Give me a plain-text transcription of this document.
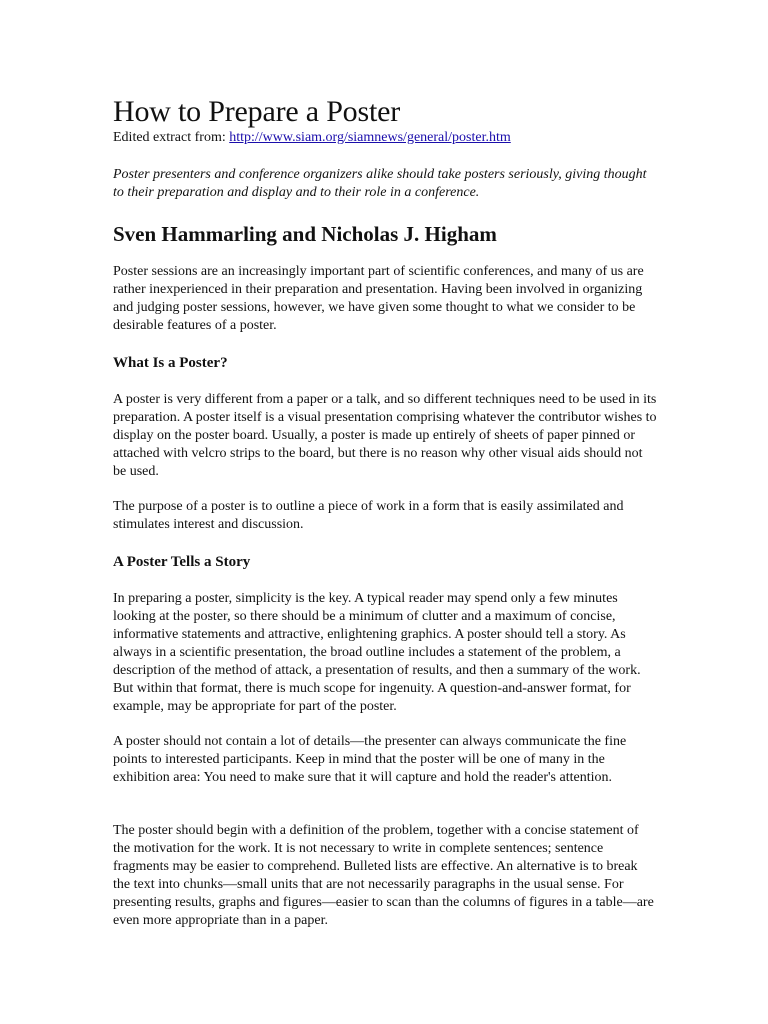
How to Prepare a Poster
Edited extract from: http://www.siam.org/siamnews/general/poster.htm

Poster presenters and conference organizers alike should take posters seriously, giving thought to their preparation and display and to their role in a conference.

Sven Hammarling and Nicholas J. Higham

Poster sessions are an increasingly important part of scientific conferences, and many of us are rather inexperienced in their preparation and presentation. Having been involved in organizing and judging poster sessions, however, we have given some thought to what we consider to be desirable features of a poster.

What Is a Poster?

A poster is very different from a paper or a talk, and so different techniques need to be used in its preparation. A poster itself is a visual presentation comprising whatever the contributor wishes to display on the poster board. Usually, a poster is made up entirely of sheets of paper pinned or attached with velcro strips to the board, but there is no reason why other visual aids should not be used.

The purpose of a poster is to outline a piece of work in a form that is easily assimilated and stimulates interest and discussion.

A Poster Tells a Story

In preparing a poster, simplicity is the key. A typical reader may spend only a few minutes looking at the poster, so there should be a minimum of clutter and a maximum of concise, informative statements and attractive, enlightening graphics. A poster should tell a story. As always in a scientific presentation, the broad outline includes a statement of the problem, a description of the method of attack, a presentation of results, and then a summary of the work. But within that format, there is much scope for ingenuity. A question-and-answer format, for example, may be appropriate for part of the poster.

A poster should not contain a lot of details—the presenter can always communicate the fine points to interested participants. Keep in mind that the poster will be one of many in the exhibition area: You need to make sure that it will capture and hold the reader's attention.

The poster should begin with a definition of the problem, together with a concise statement of the motivation for the work. It is not necessary to write in complete sentences; sentence fragments may be easier to comprehend. Bulleted lists are effective. An alternative is to break the text into chunks—small units that are not necessarily paragraphs in the usual sense. For presenting results, graphs and figures—easier to scan than the columns of figures in a table—are even more appropriate than in a paper.
